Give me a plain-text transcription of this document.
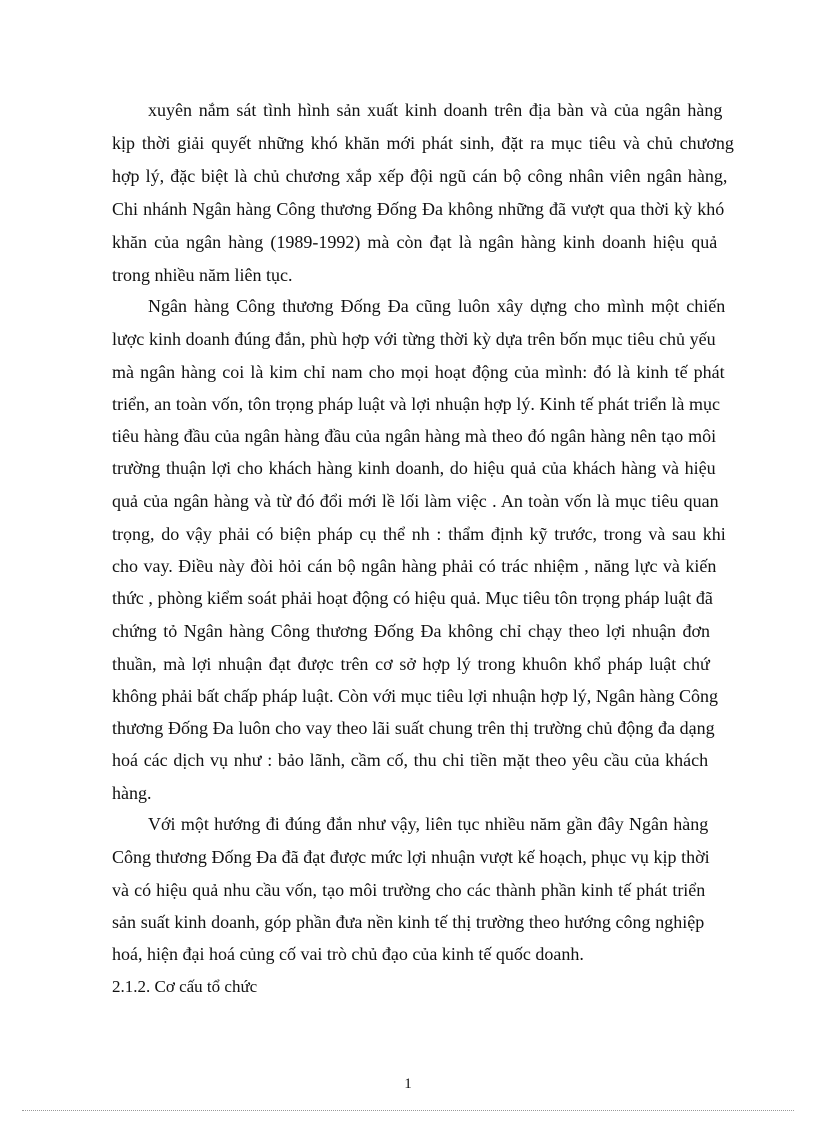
xuyên nắm sát tình hình sản xuất kinh doanh trên địa bàn và của ngân hàng

kịp thời giải quyết những khó khăn mới phát sinh, đặt ra mục tiêu và chủ chương

hợp lý, đặc biệt là chủ chương xắp xếp đội ngũ cán bộ công nhân viên ngân hàng,

Chi nhánh Ngân hàng Công thương Đống Đa không những đã vượt qua thời kỳ khó

khăn của ngân hàng (1989-1992) mà còn đạt là ngân hàng kinh doanh hiệu quả

trong nhiều năm liên tục.

Ngân hàng Công thương Đống Đa cũng luôn xây dựng cho mình một chiến

lược kinh doanh đúng đắn, phù hợp với từng thời kỳ dựa trên bốn mục tiêu chủ yếu

mà ngân hàng coi là kim chỉ nam cho mọi hoạt động của mình: đó là kinh tế phát

triển, an toàn vốn, tôn trọng pháp luật và lợi nhuận hợp lý. Kinh tế phát triển là mục

tiêu hàng đầu của ngân hàng đầu của ngân hàng mà theo đó ngân hàng nên tạo môi

trường thuận lợi cho khách hàng kinh doanh, do hiệu quả của khách hàng và hiệu

quả của ngân hàng và từ đó đổi mới lề lối làm việc . An toàn vốn là mục tiêu quan

trọng, do vậy phải có biện pháp cụ thể nh : thẩm định kỹ trước, trong và sau khi

cho vay. Điều này đòi hỏi cán bộ ngân hàng phải có trác nhiệm , năng lực và kiến

thức , phòng kiểm soát phải hoạt động có hiệu quả. Mục tiêu tôn trọng pháp luật đã

chứng tỏ Ngân hàng Công thương Đống Đa không chỉ chạy theo lợi nhuận đơn

thuần, mà lợi nhuận đạt được trên cơ sở hợp lý trong khuôn khổ pháp luật chứ

không phải bất chấp pháp luật. Còn với mục tiêu lợi nhuận hợp lý, Ngân hàng Công

thương Đống Đa luôn cho vay theo lãi suất chung trên thị trường chủ động đa dạng

hoá các dịch vụ như : bảo lãnh, cầm cố, thu chi tiền mặt theo yêu cầu của khách

hàng.

Với một hướng đi đúng đắn như vậy, liên tục nhiều năm gần đây Ngân hàng

Công thương Đống Đa đã đạt được mức lợi nhuận vượt kế hoạch, phục vụ kịp thời

và có hiệu quả nhu cầu vốn, tạo môi trường cho các thành phần kinh tế phát triển

sản suất kinh doanh, góp phần đưa nền kinh tế thị trường theo hướng công nghiệp

hoá, hiện đại hoá củng cố vai trò chủ đạo của kinh tế quốc doanh.

2.1.2. Cơ cấu tổ chức

1
